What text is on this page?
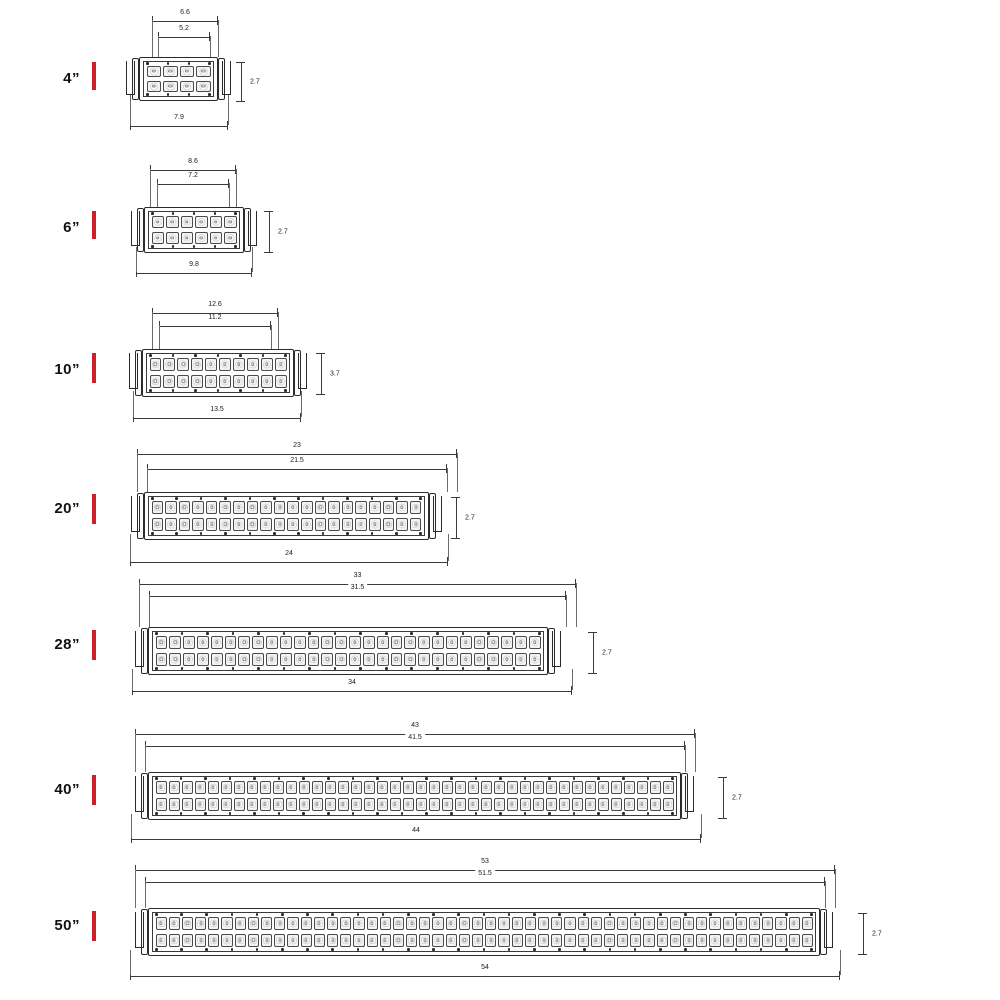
4”
6.6
5.2
7.9
2.7
6”
8.6
7.2
9.8
2.7
10”
12.6
11.2
13.5
3.7
20”
23
21.5
24
2.7
28”
33
31.5
34
2.7
40”
43
41.5
44
2.7
50”
53
51.5
54
2.7
